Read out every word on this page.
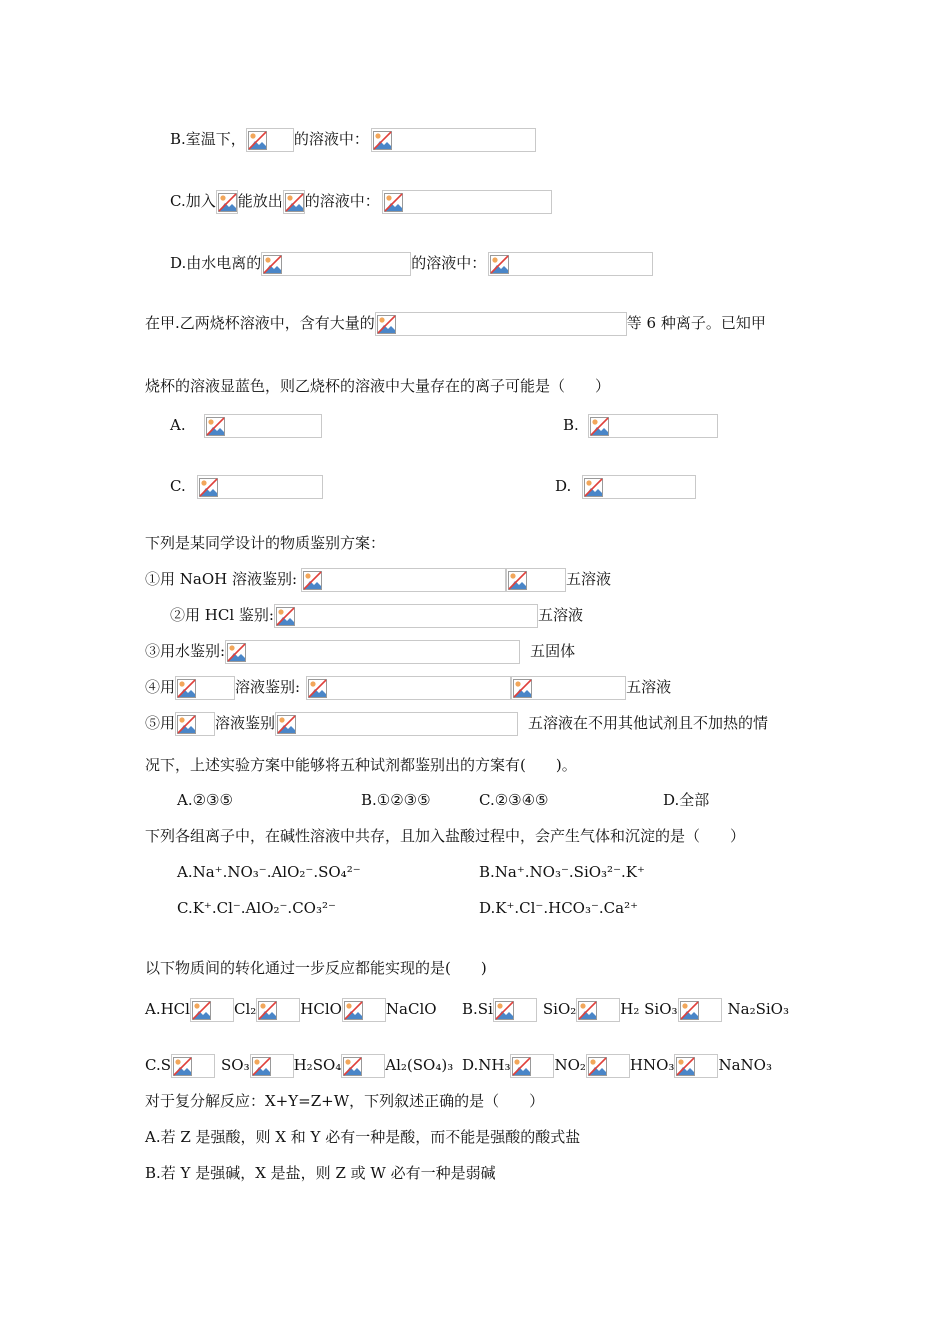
B.室温下，	的溶液中：
C.加入 能放出 的溶液中：
D.由水电离的	的溶液中：
在甲.乙两烧杯溶液中，含有大量的	等 6 种离子。已知甲
烧杯的溶液显蓝色，则乙烧杯的溶液中大量存在的离子可能是（　　）
A.	B.
C.	D.
下列是某同学设计的物质鉴别方案：
①用 NaOH 溶液鉴别:	五溶液
②用 HCl 鉴别:	五溶液
③用水鉴别:	五固体
④用	溶液鉴别:	五溶液
⑤用	溶液鉴别	五溶液在不用其他试剂且不加热的情
况下，上述实验方案中能够将五种试剂都鉴别出的方案有(　　)。
A.②③⑤	B.①②③⑤	C.②③④⑤	D.全部
下列各组离子中，在碱性溶液中共存，且加入盐酸过程中，会产生气体和沉淀的是（　　）
A.Na⁺.NO₃⁻.AlO₂⁻.SO₄²⁻	B.Na⁺.NO₃⁻.SiO₃²⁻.K⁺
C.K⁺.Cl⁻.AlO₂⁻.CO₃²⁻	D.K⁺.Cl⁻.HCO₃⁻.Ca²⁺
以下物质间的转化通过一步反应都能实现的是(　　)
A.HCl	Cl₂	HClO	NaClO B.Si	SiO₂	H₂ SiO₃	Na₂SiO₃
C.S	SO₃	H₂SO₄	Al₂(SO₄)₃ D.NH₃	NO₂	HNO₃	NaNO₃
对于复分解反应：X+Y=Z+W，下列叙述正确的是（　　）
A.若 Z 是强酸，则 X 和 Y 必有一种是酸，而不能是强酸的酸式盐
B.若 Y 是强碱，X 是盐，则 Z 或 W 必有一种是弱碱
